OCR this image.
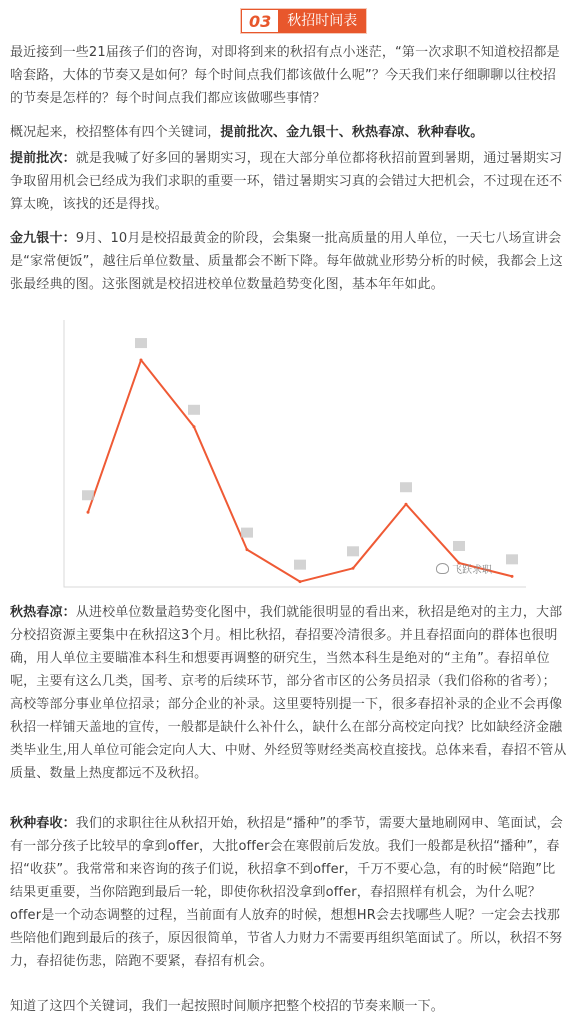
03	秋招时间表

最近接到一些21届孩子们的咨询，对即将到来的秋招有点小迷茫，“第一次求职不知道校招都是啥套路，大体的节奏又是如何？每个时间点我们都该做什么呢”？今天我们来仔细聊聊以往校招的节奏是怎样的？每个时间点我们都应该做哪些事情？

概况起来，校招整体有四个关键词，提前批次、金九银十、秋热春凉、秋种春收。

提前批次：就是我喊了好多回的暑期实习，现在大部分单位都将秋招前置到暑期，通过暑期实习争取留用机会已经成为我们求职的重要一环，错过暑期实习真的会错过大把机会，不过现在还不算太晚，该找的还是得找。

金九银十：9月、10月是校招最黄金的阶段，会集聚一批高质量的用人单位，一天七八场宣讲会是“家常便饭”，越往后单位数量、质量都会不断下降。每年做就业形势分析的时候，我都会上这张最经典的图。这张图就是校招进校单位数量趋势变化图，基本年年如此。

飞跃求职

秋热春凉：从进校单位数量趋势变化图中，我们就能很明显的看出来，秋招是绝对的主力，大部分校招资源主要集中在秋招这3个月。相比秋招，春招要冷清很多。并且春招面向的群体也很明确，用人单位主要瞄准本科生和想要再调整的研究生，当然本科生是绝对的“主角”。春招单位呢，主要有这么几类，国考、京考的后续环节，部分省市区的公务员招录（我们俗称的省考）；高校等部分事业单位招录；部分企业的补录。这里要特别提一下，很多春招补录的企业不会再像秋招一样铺天盖地的宣传，一般都是缺什么补什么，缺什么在部分高校定向找？比如缺经济金融类毕业生,用人单位可能会定向人大、中财、外经贸等财经类高校直接找。总体来看，春招不管从质量、数量上热度都远不及秋招。

秋种春收：我们的求职往往从秋招开始，秋招是“播种”的季节，需要大量地刷网申、笔面试，会有一部分孩子比较早的拿到offer，大批offer会在寒假前后发放。我们一般都是秋招“播种”，春招“收获”。我常常和来咨询的孩子们说，秋招拿不到offer，千万不要心急，有的时候“陪跑”比结果更重要，当你陪跑到最后一轮，即使你秋招没拿到offer，春招照样有机会，为什么呢？offer是一个动态调整的过程，当前面有人放弃的时候，想想HR会去找哪些人呢？一定会去找那些陪他们跑到最后的孩子，原因很简单，节省人力财力不需要再组织笔面试了。所以，秋招不努力，春招徒伤悲，陪跑不要紧，春招有机会。

知道了这四个关键词，我们一起按照时间顺序把整个校招的节奏来顺一下。
